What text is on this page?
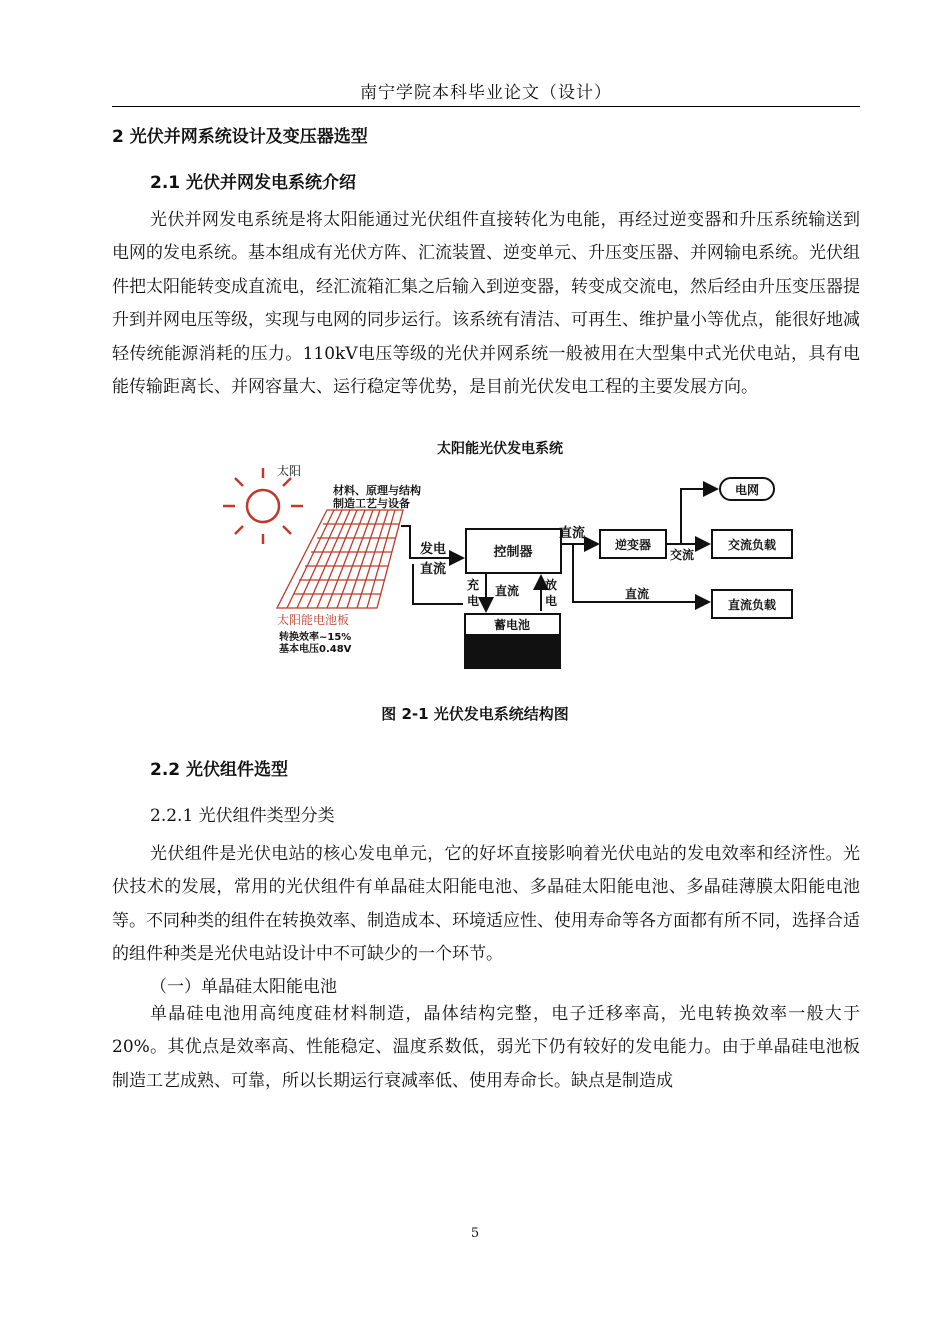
南宁学院本科毕业论文（设计）
2 光伏并网系统设计及变压器选型
2.1 光伏并网发电系统介绍

光伏并网发电系统是将太阳能通过光伏组件直接转化为电能，再经过逆变器和升压系统输送到电网的发电系统。基本组成有光伏方阵、汇流装置、逆变单元、升压变压器、并网输电系统。光伏组件把太阳能转变成直流电，经汇流箱汇集之后输入到逆变器，转变成交流电，然后经由升压变压器提升到并网电压等级，实现与电网的同步运行。该系统有清洁、可再生、维护量小等优点，能很好地减轻传统能源消耗的压力。110kV电压等级的光伏并网系统一般被用在大型集中式光伏电站，具有电能传输距离长、并网容量大、运行稳定等优势，是目前光伏发电工程的主要发展方向。

太阳能光伏发电系统
太阳
材料、原理与结构
制造工艺与设备
太阳能电池板
转换效率~15%
基本电压0.48V
发电
直流
控制器
直流
逆变器
交流
电网
交流负载
直流
直流负载
充
电
直流 放
电
蓄电池
图 2-1 光伏发电系统结构图
2.2 光伏组件选型
2.2.1 光伏组件类型分类

光伏组件是光伏电站的核心发电单元，它的好坏直接影响着光伏电站的发电效率和经济性。光伏技术的发展，常用的光伏组件有单晶硅太阳能电池、多晶硅太阳能电池、多晶硅薄膜太阳能电池等。不同种类的组件在转换效率、制造成本、环境适应性、使用寿命等各方面都有所不同，选择合适的组件种类是光伏电站设计中不可缺少的一个环节。

（一）单晶硅太阳能电池

单晶硅电池用高纯度硅材料制造，晶体结构完整，电子迁移率高，光电转换效率一般大于20%。其优点是效率高、性能稳定、温度系数低，弱光下仍有较好的发电能力。由于单晶硅电池板制造工艺成熟、可靠，所以长期运行衰减率低、使用寿命长。缺点是制造成

5
